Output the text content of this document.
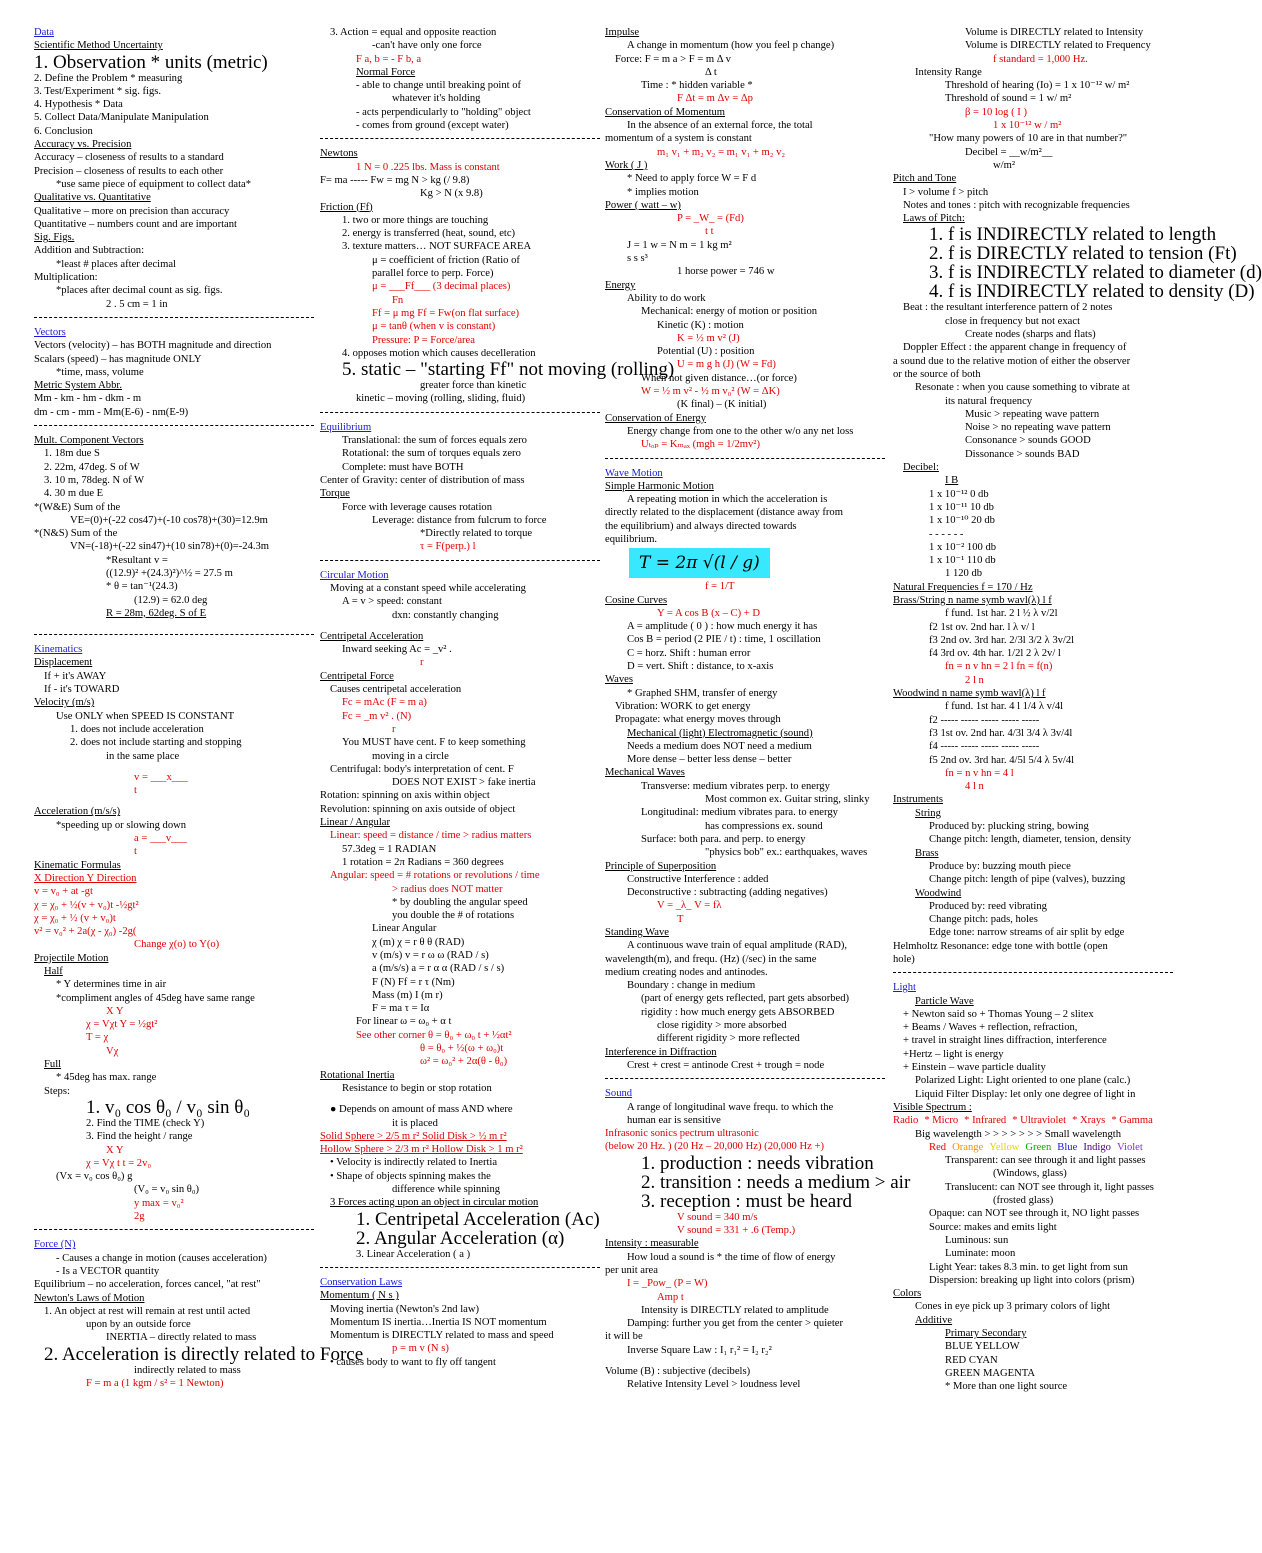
Data
Scientific Method Uncertainty
1. Observation * units (metric)
2. Define the Problem * measuring
3. Test/Experiment * sig. figs.
4. Hypothesis * Data
5. Collect Data/Manipulate Manipulation
6. Conclusion
Accuracy vs. Precision
Accuracy – closeness of results to a standard
Precision – closeness of results to each other
*use same piece of equipment to collect data*
Qualitative vs. Quantitative
Qualitative – more on precision than accuracy
Quantitative – numbers count and are important
Sig. Figs.
Addition and Subtraction:
*least # places after decimal
Multiplication:
*places after decimal count as sig. figs.
2 . 5 cm = 1 in
Vectors
Vectors (velocity) – has BOTH magnitude and direction
Scalars (speed) – has magnitude ONLY
*time, mass, volume
Metric System Abbr.
Mm - km - hm - dkm - m
dm - cm - mm - Mm(E-6) - nm(E-9)
Mult. Component Vectors
1. 18m due S
2. 22m, 47deg. S of W
3. 10 m, 78deg. N of W
4. 30 m due E
*(W&E) Sum of the
VE=(0)+(-22 cos47)+(-10 cos78)+(30)=12.9m
*(N&S) Sum of the
VN=(-18)+(-22 sin47)+(10 sin78)+(0)=-24.3m
*Resultant v =
((12.9)² +(24.3)²)^½ = 27.5 m
* θ = tan⁻¹(24.3)
(12.9) = 62.0 deg
R = 28m, 62deg. S of E
Kinematics
Displacement
If + it's AWAY
If - it's TOWARD
Velocity (m/s)
Use ONLY when SPEED IS CONSTANT
1. does not include acceleration
2. does not include starting and stopping
in the same place
v = ___x___
t
Acceleration (m/s/s)
*speeding up or slowing down
a = ___v___
t
Kinematic Formulas
X Direction Y Direction
v = v₀ + at -gt
χ = χ₀ + ½(v + v₀)t -½gt²
χ = χ₀ + ½ (v + v₀)t
v² = v₀² + 2a(χ - χ₀) -2g(
Change χ(o) to Y(o)
Projectile Motion
Half
* Y determines time in air
*compliment angles of 45deg have same range
X Y
χ = Vχt Y = ½gt²
T = χ
Vχ
Full
* 45deg has max. range
Steps:
1. v₀ cos θ₀ / v₀ sin θ₀
2. Find the TIME (check Y)
3. Find the height / range
X Y
χ = Vχ t t = 2v₀
(Vx = v₀ cos θ₀) g
(V₀ = v₀ sin θ₀)
y max = v₀²
2g
Force (N)
- Causes a change in motion (causes acceleration)
- Is a VECTOR quantity
Equilibrium – no acceleration, forces cancel, "at rest"
Newton's Laws of Motion
1. An object at rest will remain at rest until acted
upon by an outside force
INERTIA – directly related to mass
2. Acceleration is directly related to Force
indirectly related to mass
F = m a (1 kgm / s² = 1 Newton)
3. Action = equal and opposite reaction
-can't have only one force
F a, b = - F b, a
Normal Force
- able to change until breaking point of
whatever it's holding
- acts perpendicularly to "holding" object
- comes from ground (except water)
Newtons
1 N = 0 .225 lbs. Mass is constant
F= ma ----- Fw = mg N > kg (/ 9.8)
Kg > N (x 9.8)
Friction (Ff)
1. two or more things are touching
2. energy is transferred (heat, sound, etc)
3. texture matters… NOT SURFACE AREA
μ = coefficient of friction (Ratio of
parallel force to perp. Force)
μ = ___Ff___ (3 decimal places)
Fn
Ff = μ mg Ff = Fw(on flat surface)
μ = tanθ (when v is constant)
Pressure: P = Force/area
4. opposes motion which causes decelleration
5. static – "starting Ff" not moving (rolling)
greater force than kinetic
kinetic – moving (rolling, sliding, fluid)
Equilibrium
Translational: the sum of forces equals zero
Rotational: the sum of torques equals zero
Complete: must have BOTH
Center of Gravity: center of distribution of mass
Torque
Force with leverage causes rotation
Leverage: distance from fulcrum to force
*Directly related to torque
τ = F(perp.) l
Circular Motion
Moving at a constant speed while accelerating
A = v > speed: constant
dxn: constantly changing
Centripetal Acceleration
Inward seeking Ac = _v² .
r
Centripetal Force
Causes centripetal acceleration
Fc = mAc (F = m a)
Fc = _m v² . (N)
r
You MUST have cent. F to keep something
moving in a circle
Centrifugal: body's interpretation of cent. F
DOES NOT EXIST > fake inertia
Rotation: spinning on axis within object
Revolution: spinning on axis outside of object
Linear / Angular
Linear: speed = distance / time > radius matters
57.3deg = 1 RADIAN
1 rotation = 2π Radians = 360 degrees
Angular: speed = # rotations or revolutions / time
> radius does NOT matter
* by doubling the angular speed
you double the # of rotations
Linear Angular
χ (m) χ = r θ θ (RAD)
v (m/s) v = r ω ω (RAD / s)
a (m/s/s) a = r α α (RAD / s / s)
F (N) Ff = r τ (Nm)
Mass (m) I (m r)
F = ma τ = Iα
For linear ω = ω₀ + α t
See other corner θ = θ₀ + ω₀ t + ½αt²
θ = θ₀ + ½(ω + ω₀)t
ω² = ω₀² + 2α(θ - θ₀)
Rotational Inertia
Resistance to begin or stop rotation
● Depends on amount of mass AND where
it is placed
Solid Sphere > 2/5 m r² Solid Disk > ½ m r²
Hollow Sphere > 2/3 m r² Hollow Disk > 1 m r²
• Velocity is indirectly related to Inertia
• Shape of objects spinning makes the
difference while spinning
3 Forces acting upon an object in circular motion
1. Centripetal Acceleration (Ac)
2. Angular Acceleration (α)
3. Linear Acceleration ( a )
Conservation Laws
Momentum ( N s )
Moving inertia (Newton's 2nd law)
Momentum IS inertia…Inertia IS NOT momentum
Momentum is DIRECTLY related to mass and speed
p = m v (N s)
• causes body to want to fly off tangent
Impulse
A change in momentum (how you feel p change)
Force: F = m a > F = m Δ v
Δ t
Time : * hidden variable *
F Δt = m Δv = Δp
Conservation of Momentum
In the absence of an external force, the total
momentum of a system is constant
m₁ v₁ + m₂ v₂ = m₁ v₁ + m₂ v₂
Work ( J )
* Need to apply force W = F d
* implies motion
Power ( watt – w)
P = _W_ = (Fd)
t t
J = 1 w = N m = 1 kg m²
s s s³
1 horse power = 746 w
Energy
Ability to do work
Mechanical: energy of motion or position
Kinetic (K) : motion
K = ½ m v² (J)
Potential (U) : position
U = m g h (J) (W = Fd)
When not given distance…(or force)
W = ½ m v² - ½ m v₀² (W = ΔK)
(K final) – (K initial)
Conservation of Energy
Energy change from one to the other w/o any net loss
Uₜₒₚ = Kₘₐₓ (mgh = 1/2mv²)
Wave Motion
Simple Harmonic Motion
A repeating motion in which the acceleration is
directly related to the displacement (distance away from
the equilibrium) and always directed towards
equilibrium.
T = 2π √(l / g)
f = 1/T
Cosine Curves
Y = A cos B (x – C) + D
A = amplitude ( 0 ) : how much energy it has
Cos B = period (2 PIE / t) : time, 1 oscillation
C = horz. Shift : human error
D = vert. Shift : distance, to x-axis
Waves
* Graphed SHM, transfer of energy
Vibration: WORK to get energy
Propagate: what energy moves through
Mechanical (light) Electromagnetic (sound)
Needs a medium does NOT need a medium
More dense – better less dense – better
Mechanical Waves
Transverse: medium vibrates perp. to energy
Most common ex. Guitar string, slinky
Longitudinal: medium vibrates para. to energy
has compressions ex. sound
Surface: both para. and perp. to energy
"physics bob" ex.: earthquakes, waves
Principle of Superposition
Constructive Interference : added
Deconstructive : subtracting (adding negatives)
V = _λ_ V = fλ
T
Standing Wave
A continuous wave train of equal amplitude (RAD),
wavelength(m), and frequ. (Hz) (/sec) in the same
medium creating nodes and antinodes.
Boundary : change in medium
(part of energy gets reflected, part gets absorbed)
rigidity : how much energy gets ABSORBED
close rigidity > more absorbed
different rigidity > more reflected
Interference in Diffraction
Crest + crest = antinode Crest + trough = node
Sound
A range of longitudinal wave frequ. to which the
human ear is sensitive
Infrasonic sonics pectrum ultrasonic
(below 20 Hz. ) (20 Hz – 20,000 Hz) (20,000 Hz +)
1. production : needs vibration
2. transition : needs a medium > air
3. reception : must be heard
V sound = 340 m/s
V sound = 331 + .6 (Temp.)
Intensity : measurable
How loud a sound is * the time of flow of energy
per unit area
I = _Pow_ (P = W)
Amp t
Intensity is DIRECTLY related to amplitude
Damping: further you get from the center > quieter
it will be
Inverse Square Law : I₁ r₁² = I₂ r₂²
Volume (B) : subjective (decibels)
Relative Intensity Level > loudness level
Volume is DIRECTLY related to Intensity
Volume is DIRECTLY related to Frequency
f standard = 1,000 Hz.
Intensity Range
Threshold of hearing (Io) = 1 x 10⁻¹² w/ m²
Threshold of sound = 1 w/ m²
β = 10 log ( I )
1 x 10⁻¹² w / m²
"How many powers of 10 are in that number?"
Decibel = __w/m²__
w/m²
Pitch and Tone
I > volume f > pitch
Notes and tones : pitch with recognizable frequencies
Laws of Pitch:
1. f is INDIRECTLY related to length
2. f is DIRECTLY related to tension (Ft)
3. f is INDIRECTLY related to diameter (d)
4. f is INDIRECTLY related to density (D)
Beat : the resultant interference pattern of 2 notes
close in frequency but not exact
Create nodes (sharps and flats)
Doppler Effect : the apparent change in frequency of
a sound due to the relative motion of either the observer
or the source of both
Resonate : when you cause something to vibrate at
its natural frequency
Music > repeating wave pattern
Noise > no repeating wave pattern
Consonance > sounds GOOD
Dissonance > sounds BAD
Decibel:
I B
1 x 10⁻¹² 0 db
1 x 10⁻¹¹ 10 db
1 x 10⁻¹⁰ 20 db
- - - - - -
1 x 10⁻² 100 db
1 x 10⁻¹ 110 db
1 120 db
Natural Frequencies f = 170 / Hz
Brass/String n name symb wavl(λ) l f
f fund. 1st har. 2 l ½ λ v/2l
f2 1st ov. 2nd har. l λ v/ l
f3 2nd ov. 3rd har. 2/3l 3/2 λ 3v/2l
f4 3rd ov. 4th har. 1/2l 2 λ 2v/ l
fn = n v hn = 2 l fn = f(n)
2 l n
Woodwind n name symb wavl(λ) l f
f fund. 1st har. 4 l 1/4 λ v/4l
f2 ----- ----- ----- ----- -----
f3 1st ov. 2nd har. 4/3l 3/4 λ 3v/4l
f4 ----- ----- ----- ----- -----
f5 2nd ov. 3rd har. 4/5l 5/4 λ 5v/4l
fn = n v hn = 4 l
4 l n
Instruments
String
Produced by: plucking string, bowing
Change pitch: length, diameter, tension, density
Brass
Produce by: buzzing mouth piece
Change pitch: length of pipe (valves), buzzing
Woodwind
Produced by: reed vibrating
Change pitch: pads, holes
Edge tone: narrow streams of air split by edge
Helmholtz Resonance: edge tone with bottle (open
hole)
Light
Particle Wave
+ Newton said so + Thomas Young – 2 slitex
+ Beams / Waves + reflection, refraction,
+ travel in straight lines diffraction, interference
+Hertz – light is energy
+ Einstein – wave particle duality
Polarized Light: Light oriented to one plane (calc.)
Liquid Filter Display: let only one degree of light in
Visible Spectrum :
Radio * Micro * Infrared * Ultraviolet * Xrays * Gamma
Big wavelength > > > > > > > Small wavelength
Red Orange Yellow Green Blue Indigo Violet
Transparent: can see through it and light passes
(Windows, glass)
Translucent: can NOT see through it, light passes
(frosted glass)
Opaque: can NOT see through it, NO light passes
Source: makes and emits light
Luminous: sun
Luminate: moon
Light Year: takes 8.3 min. to get light from sun
Dispersion: breaking up light into colors (prism)
Colors
Cones in eye pick up 3 primary colors of light
Additive
Primary Secondary
BLUE YELLOW
RED CYAN
GREEN MAGENTA
* More than one light source
